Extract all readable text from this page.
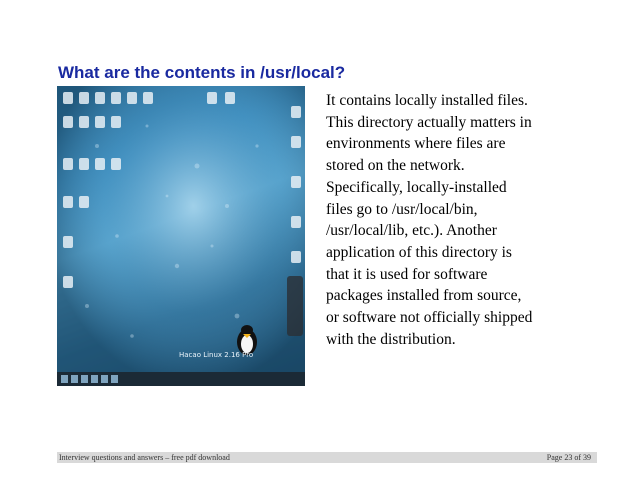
What are the contents in /usr/local?
Hacao Linux 2.16 Pro
It contains locally installed files.
This directory actually matters in
environments where files are
stored on the network.
Specifically, locally-installed
files go to /usr/local/bin,
/usr/local/lib, etc.). Another
application of this directory is
that it is used for software
packages installed from source,
or software not officially shipped
with the distribution.
Interview questions and answers – free pdf download	Page 23 of 39
